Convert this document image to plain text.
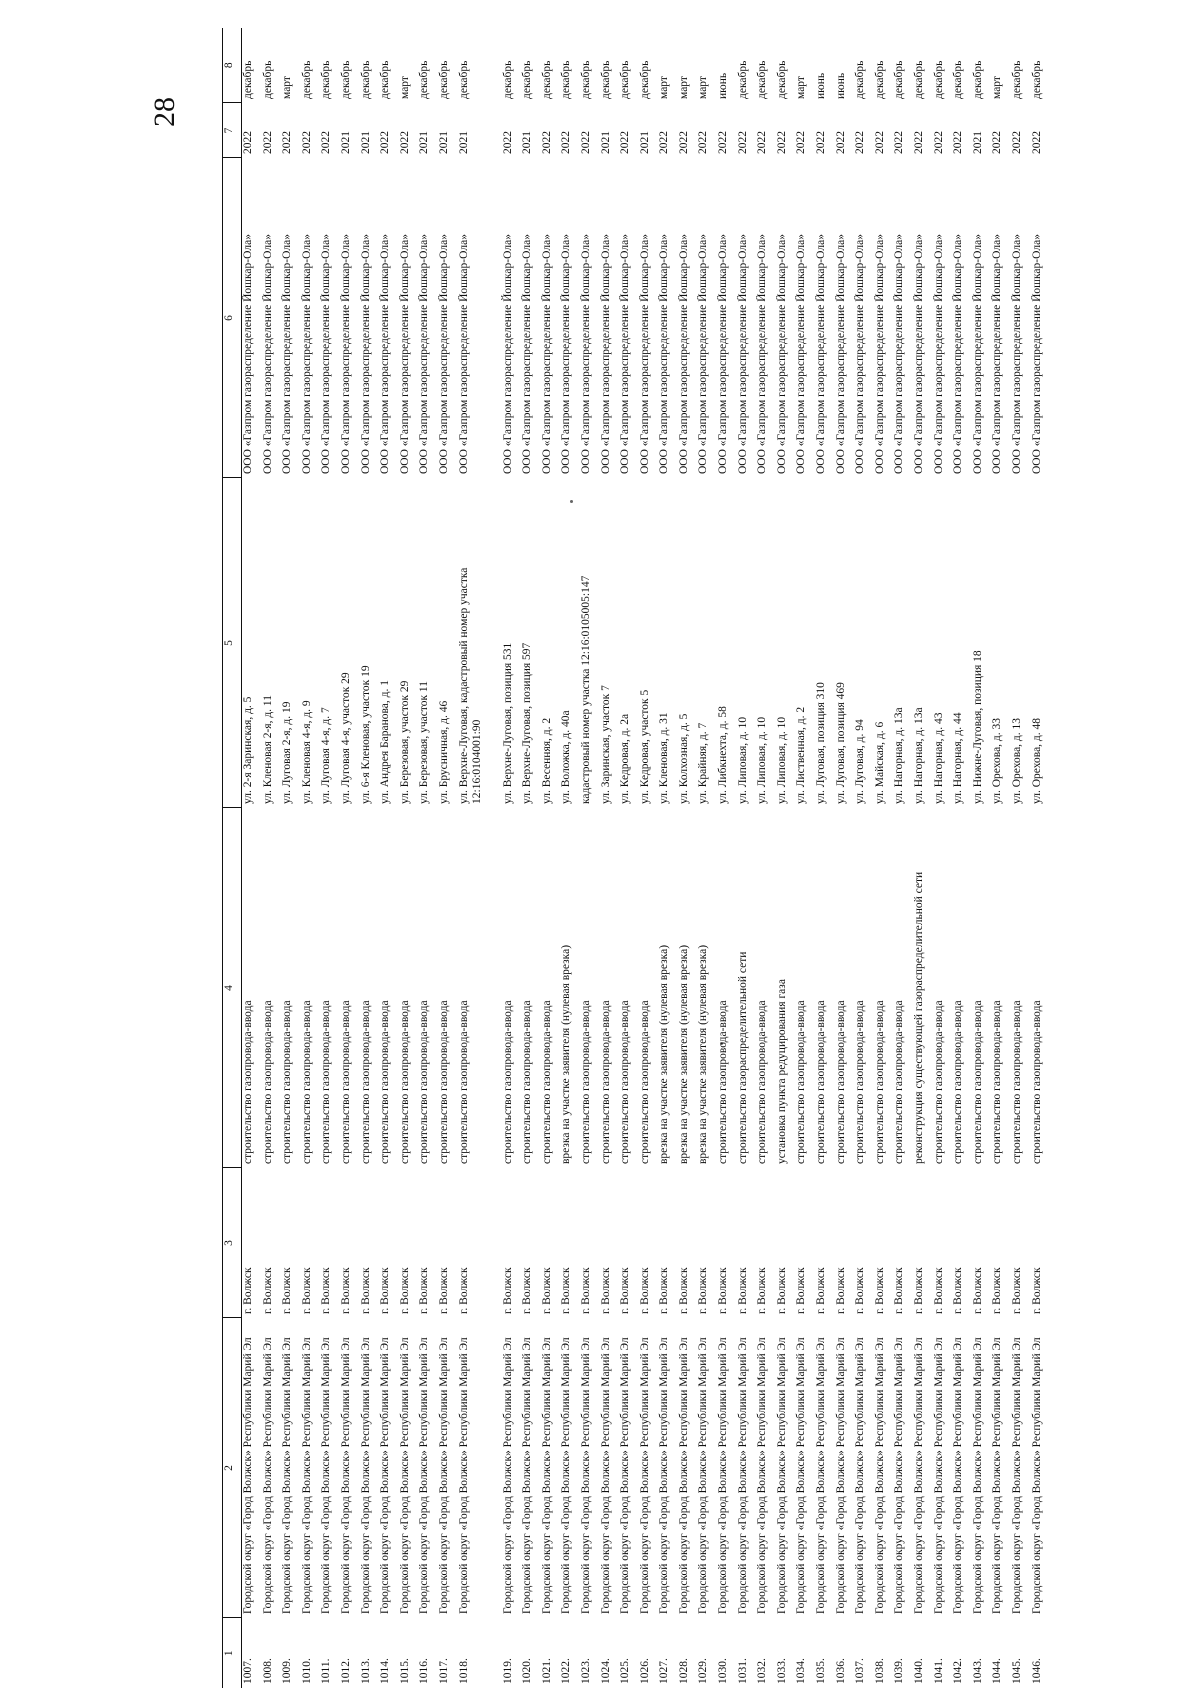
28
1	2	3	4	5	6	7	8
1007.	Городской округ «Город Волжск» Республики Марий Эл	г. Волжск	строительство газопровода-ввода	ул. 2-я Заринская, д. 5	ООО «Газпром газораспределение Йошкар-Ола»	2022	декабрь
1008.	Городской округ «Город Волжск» Республики Марий Эл	г. Волжск	строительство газопровода-ввода	ул. Кленовая 2-я, д. 11	ООО «Газпром газораспределение Йошкар-Ола»	2022	декабрь
1009.	Городской округ «Город Волжск» Республики Марий Эл	г. Волжск	строительство газопровода-ввода	ул. Луговая 2-я, д. 19	ООО «Газпром газораспределение Йошкар-Ола»	2022	март
1010.	Городской округ «Город Волжск» Республики Марий Эл	г. Волжск	строительство газопровода-ввода	ул. Кленовая 4-я, д. 9	ООО «Газпром газораспределение Йошкар-Ола»	2022	декабрь
1011.	Городской округ «Город Волжск» Республики Марий Эл	г. Волжск	строительство газопровода-ввода	ул. Луговая 4-я, д. 7	ООО «Газпром газораспределение Йошкар-Ола»	2022	декабрь
1012.	Городской округ «Город Волжск» Республики Марий Эл	г. Волжск	строительство газопровода-ввода	ул. Луговая 4-я, участок 29	ООО «Газпром газораспределение Йошкар-Ола»	2021	декабрь
1013.	Городской округ «Город Волжск» Республики Марий Эл	г. Волжск	строительство газопровода-ввода	ул. 6-я Кленовая, участок 19	ООО «Газпром газораспределение Йошкар-Ола»	2021	декабрь
1014.	Городской округ «Город Волжск» Республики Марий Эл	г. Волжск	строительство газопровода-ввода	ул. Андрея Баранова, д. 1	ООО «Газпром газораспределение Йошкар-Ола»	2022	декабрь
1015.	Городской округ «Город Волжск» Республики Марий Эл	г. Волжск	строительство газопровода-ввода	ул. Березовая, участок 29	ООО «Газпром газораспределение Йошкар-Ола»	2022	март
1016.	Городской округ «Город Волжск» Республики Марий Эл	г. Волжск	строительство газопровода-ввода	ул. Березовая, участок 11	ООО «Газпром газораспределение Йошкар-Ола»	2021	декабрь
1017.	Городской округ «Город Волжск» Республики Марий Эл	г. Волжск	строительство газопровода-ввода	ул. Брусничная, д. 46	ООО «Газпром газораспределение Йошкар-Ола»	2021	декабрь
1018.	Городской округ «Город Волжск» Республики Марий Эл	г. Волжск	строительство газопровода-ввода	ул. Верхне-Луговая, кадастровый номер участка 12:16:0104001:90	ООО «Газпром газораспределение Йошкар-Ола»	2021	декабрь
1019.	Городской округ «Город Волжск» Республики Марий Эл	г. Волжск	строительство газопровода-ввода	ул. Верхне-Луговая, позиция 531	ООО «Газпром газораспределение Йошкар-Ола»	2022	декабрь
1020.	Городской округ «Город Волжск» Республики Марий Эл	г. Волжск	строительство газопровода-ввода	ул. Верхне-Луговая, позиция 597	ООО «Газпром газораспределение Йошкар-Ола»	2021	декабрь
1021.	Городской округ «Город Волжск» Республики Марий Эл	г. Волжск	строительство газопровода-ввода	ул. Весенняя, д. 2	ООО «Газпром газораспределение Йошкар-Ола»	2022	декабрь
1022.	Городской округ «Город Волжск» Республики Марий Эл	г. Волжск	врезка на участке заявителя (нулевая врезка)	ул. Воложка, д. 40а	ООО «Газпром газораспределение Йошкар-Ола»	2022	декабрь
1023.	Городской округ «Город Волжск» Республики Марий Эл	г. Волжск	строительство газопровода-ввода	кадастровый номер участка 12:16:0105005:147	ООО «Газпром газораспределение Йошкар-Ола»	2022	декабрь
1024.	Городской округ «Город Волжск» Республики Марий Эл	г. Волжск	строительство газопровода-ввода	ул. Заринская, участок 7	ООО «Газпром газораспределение Йошкар-Ола»	2021	декабрь
1025.	Городской округ «Город Волжск» Республики Марий Эл	г. Волжск	строительство газопровода-ввода	ул. Кедровая, д. 2а	ООО «Газпром газораспределение Йошкар-Ола»	2022	декабрь
1026.	Городской округ «Город Волжск» Республики Марий Эл	г. Волжск	строительство газопровода-ввода	ул. Кедровая, участок 5	ООО «Газпром газораспределение Йошкар-Ола»	2021	декабрь
1027.	Городской округ «Город Волжск» Республики Марий Эл	г. Волжск	врезка на участке заявителя (нулевая врезка)	ул. Кленовая, д. 31	ООО «Газпром газораспределение Йошкар-Ола»	2022	март
1028.	Городской округ «Город Волжск» Республики Марий Эл	г. Волжск	врезка на участке заявителя (нулевая врезка)	ул. Колхозная, д. 5	ООО «Газпром газораспределение Йошкар-Ола»	2022	март
1029.	Городской округ «Город Волжск» Республики Марий Эл	г. Волжск	врезка на участке заявителя (нулевая врезка)	ул. Крайняя, д. 7	ООО «Газпром газораспределение Йошкар-Ола»	2022	март
1030.	Городской округ «Город Волжск» Республики Марий Эл	г. Волжск	строительство газопровода-ввода	ул. Либкнехта, д. 58	ООО «Газпром газораспределение Йошкар-Ола»	2022	июнь
1031.	Городской округ «Город Волжск» Республики Марий Эл	г. Волжск	строительство газораспределительной сети	ул. Липовая, д. 10	ООО «Газпром газораспределение Йошкар-Ола»	2022	декабрь
1032.	Городской округ «Город Волжск» Республики Марий Эл	г. Волжск	строительство газопровода-ввода	ул. Липовая, д. 10	ООО «Газпром газораспределение Йошкар-Ола»	2022	декабрь
1033.	Городской округ «Город Волжск» Республики Марий Эл	г. Волжск	установка пункта редуцирования газа	ул. Липовая, д. 10	ООО «Газпром газораспределение Йошкар-Ола»	2022	декабрь
1034.	Городской округ «Город Волжск» Республики Марий Эл	г. Волжск	строительство газопровода-ввода	ул. Лиственная, д. 2	ООО «Газпром газораспределение Йошкар-Ола»	2022	март
1035.	Городской округ «Город Волжск» Республики Марий Эл	г. Волжск	строительство газопровода-ввода	ул. Луговая, позиция 310	ООО «Газпром газораспределение Йошкар-Ола»	2022	июнь
1036.	Городской округ «Город Волжск» Республики Марий Эл	г. Волжск	строительство газопровода-ввода	ул. Луговая, позиция 469	ООО «Газпром газораспределение Йошкар-Ола»	2022	июнь
1037.	Городской округ «Город Волжск» Республики Марий Эл	г. Волжск	строительство газопровода-ввода	ул. Луговая, д. 94	ООО «Газпром газораспределение Йошкар-Ола»	2022	декабрь
1038.	Городской округ «Город Волжск» Республики Марий Эл	г. Волжск	строительство газопровода-ввода	ул. Майская, д. 6	ООО «Газпром газораспределение Йошкар-Ола»	2022	декабрь
1039.	Городской округ «Город Волжск» Республики Марий Эл	г. Волжск	строительство газопровода-ввода	ул. Нагорная, д. 13а	ООО «Газпром газораспределение Йошкар-Ола»	2022	декабрь
1040.	Городской округ «Город Волжск» Республики Марий Эл	г. Волжск	реконструкция существующей газораспределительной сети	ул. Нагорная, д. 13а	ООО «Газпром газораспределение Йошкар-Ола»	2022	декабрь
1041.	Городской округ «Город Волжск» Республики Марий Эл	г. Волжск	строительство газопровода-ввода	ул. Нагорная, д. 43	ООО «Газпром газораспределение Йошкар-Ола»	2022	декабрь
1042.	Городской округ «Город Волжск» Республики Марий Эл	г. Волжск	строительство газопровода-ввода	ул. Нагорная, д. 44	ООО «Газпром газораспределение Йошкар-Ола»	2022	декабрь
1043.	Городской округ «Город Волжск» Республики Марий Эл	г. Волжск	строительство газопровода-ввода	ул. Нижне-Луговая, позиция 18	ООО «Газпром газораспределение Йошкар-Ола»	2021	декабрь
1044.	Городской округ «Город Волжск» Республики Марий Эл	г. Волжск	строительство газопровода-ввода	ул. Орехова, д. 33	ООО «Газпром газораспределение Йошкар-Ола»	2022	март
1045.	Городской округ «Город Волжск» Республики Марий Эл	г. Волжск	строительство газопровода-ввода	ул. Орехова, д. 13	ООО «Газпром газораспределение Йошкар-Ола»	2022	декабрь
1046.	Городской округ «Город Волжск» Республики Марий Эл	г. Волжск	строительство газопровода-ввода	ул. Орехова, д. 48	ООО «Газпром газораспределение Йошкар-Ола»	2022	декабрь
